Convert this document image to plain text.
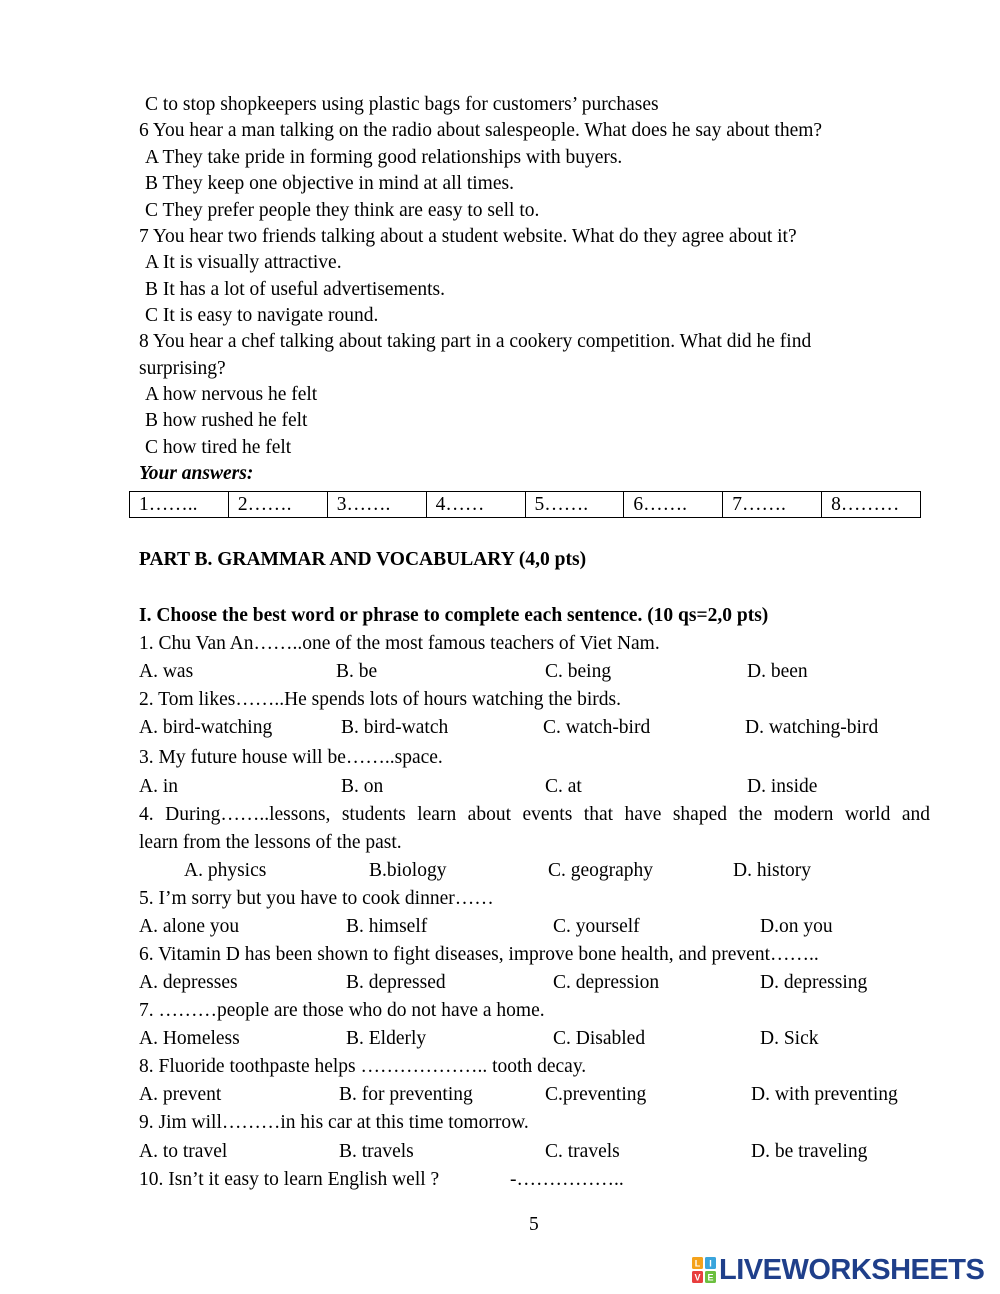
C to stop shopkeepers using plastic bags for customers’ purchases
6 You hear a man talking on the radio about salespeople. What does he say about them?
A They take pride in forming good relationships with buyers.
B They keep one objective in mind at all times.
C They prefer people they think are easy to sell to.
7 You hear two friends talking about a student website. What do they agree about it?
A It is visually attractive.
B It has a lot of useful advertisements.
C It is easy to navigate round.
8 You hear a chef talking about taking part in a cookery competition. What did he find
surprising?
A how nervous he felt
B how rushed he felt
C how tired he felt
Your answers:
1……..	2…….	3…….	4……	5…….	6…….	7…….	8………
PART B. GRAMMAR AND VOCABULARY (4,0 pts)
I. Choose the best word or phrase to complete each sentence. (10 qs=2,0 pts)
1. Chu Van An……..one of the most famous teachers of Viet Nam.
A. was	B. be	C. being	D. been
2. Tom likes……..He spends lots of hours watching the birds.
A. bird-watching	B. bird-watch	C. watch-bird	D. watching-bird
3. My future house will be……..space.
A. in	B. on	C. at	D. inside
4. During……..lessons, students learn about events that have shaped the modern world and
learn from the lessons of the past.
A. physics	B.biology	C. geography	D. history
5. I’m sorry but you have to cook dinner……
A. alone you	B. himself	C. yourself	D.on you
6. Vitamin D has been shown to fight diseases, improve bone health, and prevent……..
A. depresses	B. depressed	C. depression	D. depressing
7. ………people are those who do not have a home.
A. Homeless	B. Elderly	C. Disabled	D. Sick
8. Fluoride toothpaste helps ……………….. tooth decay.
A. prevent	B. for preventing	C.preventing	D. with preventing
9. Jim will………in his car at this time tomorrow.
A. to travel	B. travels	C. travels	D. be traveling
10. Isn’t it easy to learn English well ?	-……………..
5
L I
V E LIVEWORKSHEETS
